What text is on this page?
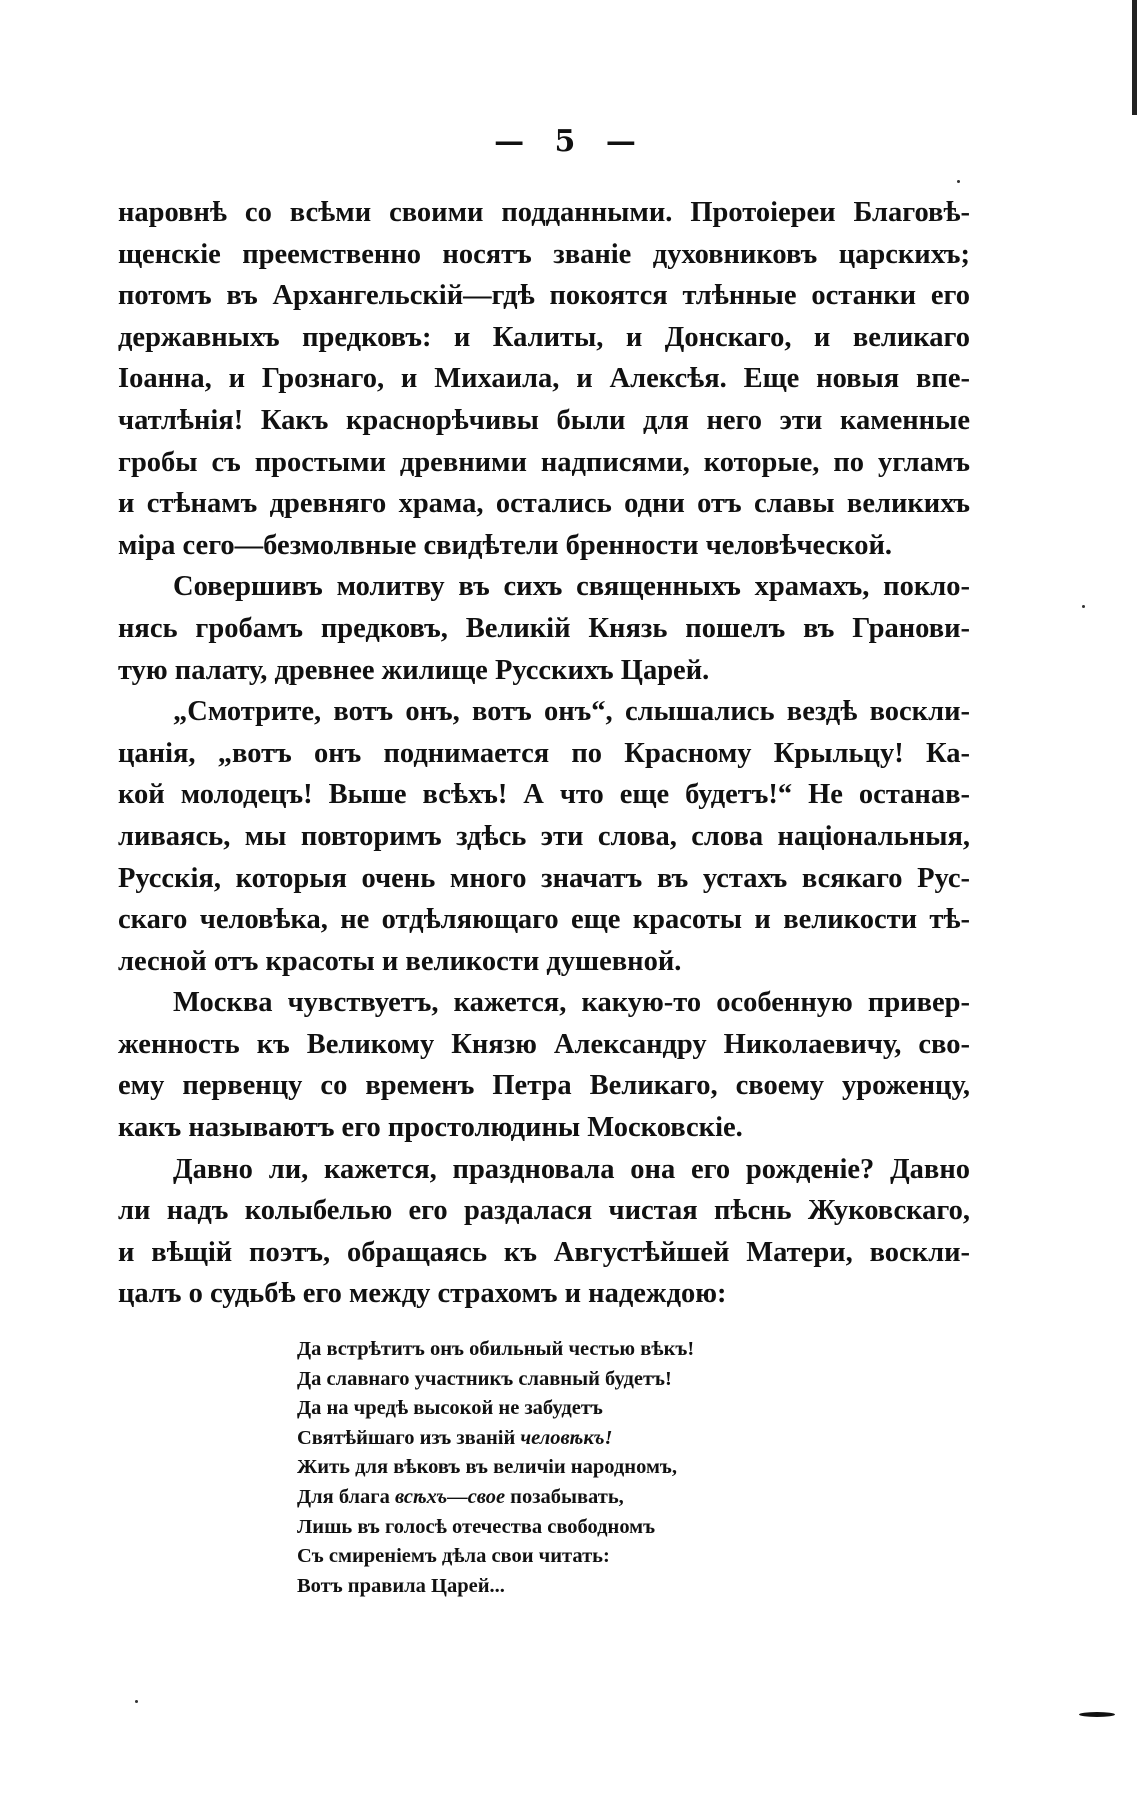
— 5 —
наровнѣ со всѣми своими подданными. Протоіереи Благовѣ-
щенскіе преемственно носятъ званіе духовниковъ царскихъ;
потомъ въ Архангельскій—гдѣ покоятся тлѣнные останки его
державныхъ предковъ: и Калиты, и Донскаго, и великаго
Іоанна, и Грознаго, и Михаила, и Алексѣя. Еще новыя впе-
чатлѣнія! Какъ краснорѣчивы были для него эти каменные
гробы съ простыми древними надписями, которые, по угламъ
и стѣнамъ древняго храма, остались одни отъ славы великихъ
міра сего—безмолвные свидѣтели бренности человѣческой.
Совершивъ молитву въ сихъ священныхъ храмахъ, покло-
нясь гробамъ предковъ, Великій Князь пошелъ въ Гранови-
тую палату, древнее жилище Русскихъ Царей.
„Смотрите, вотъ онъ, вотъ онъ“, слышались вездѣ воскли-
цанія, „вотъ онъ поднимается по Красному Крыльцу! Ка-
кой молодецъ! Выше всѣхъ! А что еще будетъ!“ Не останав-
ливаясь, мы повторимъ здѣсь эти слова, слова національныя,
Русскія, которыя очень много значатъ въ устахъ всякаго Рус-
скаго человѣка, не отдѣляющаго еще красоты и великости тѣ-
лесной отъ красоты и великости душевной.
Москва чувствуетъ, кажется, какую-то особенную привер-
женность къ Великому Князю Александру Николаевичу, сво-
ему первенцу со временъ Петра Великаго, своему уроженцу,
какъ называютъ его простолюдины Московскіе.
Давно ли, кажется, праздновала она его рожденіе? Давно
ли надъ колыбелью его раздалася чистая пѣснь Жуковскаго,
и вѣщій поэтъ, обращаясь къ Августѣйшей Матери, воскли-
цалъ о судьбѣ его между страхомъ и надеждою:
Да встрѣтитъ онъ обильный честью вѣкъ!
Да славнаго участникъ славный будетъ!
Да на чредѣ высокой не забудетъ
Святѣйшаго изъ званій человѣкъ!
Жить для вѣковъ въ величіи народномъ,
Для блага всѣхъ—свое позабывать,
Лишь въ голосѣ отечества свободномъ
Съ смиреніемъ дѣла свои читать:
Вотъ правила Царей...
